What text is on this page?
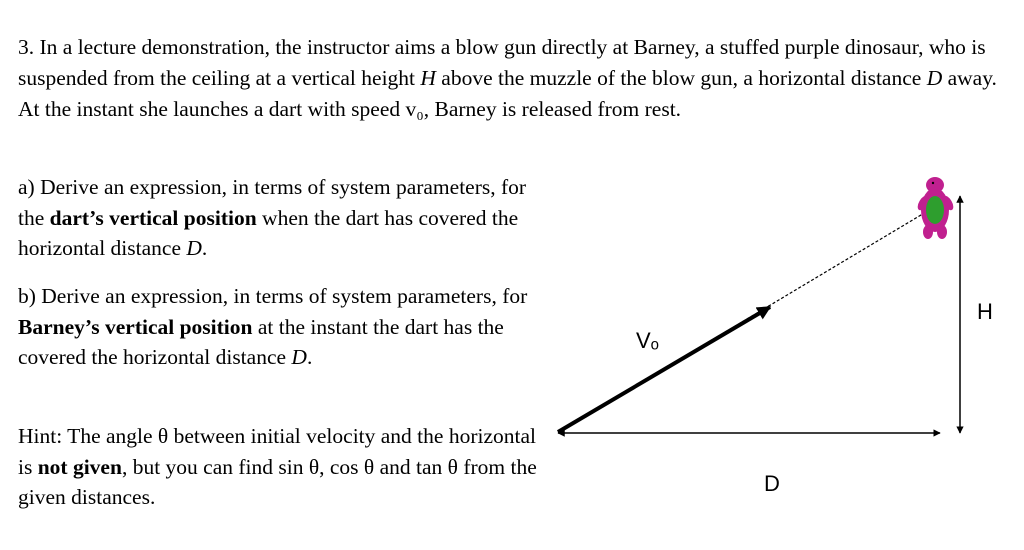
3. In a lecture demonstration, the instructor aims a blow gun directly at Barney, a stuffed purple dinosaur, who is suspended from the ceiling at a vertical height H above the muzzle of the blow gun, a horizontal distance D away. At the instant she launches a dart with speed v₀, Barney is released from rest.

a) Derive an expression, in terms of system parameters, for the dart’s vertical position when the dart has covered the horizontal distance D.

b) Derive an expression, in terms of system parameters, for Barney’s vertical position at the instant the dart has the covered the horizontal distance D.

Hint: The angle θ between initial velocity and the horizontal is not given, but you can find sin θ, cos θ and tan θ from the given distances.

Vₒ
H
D
